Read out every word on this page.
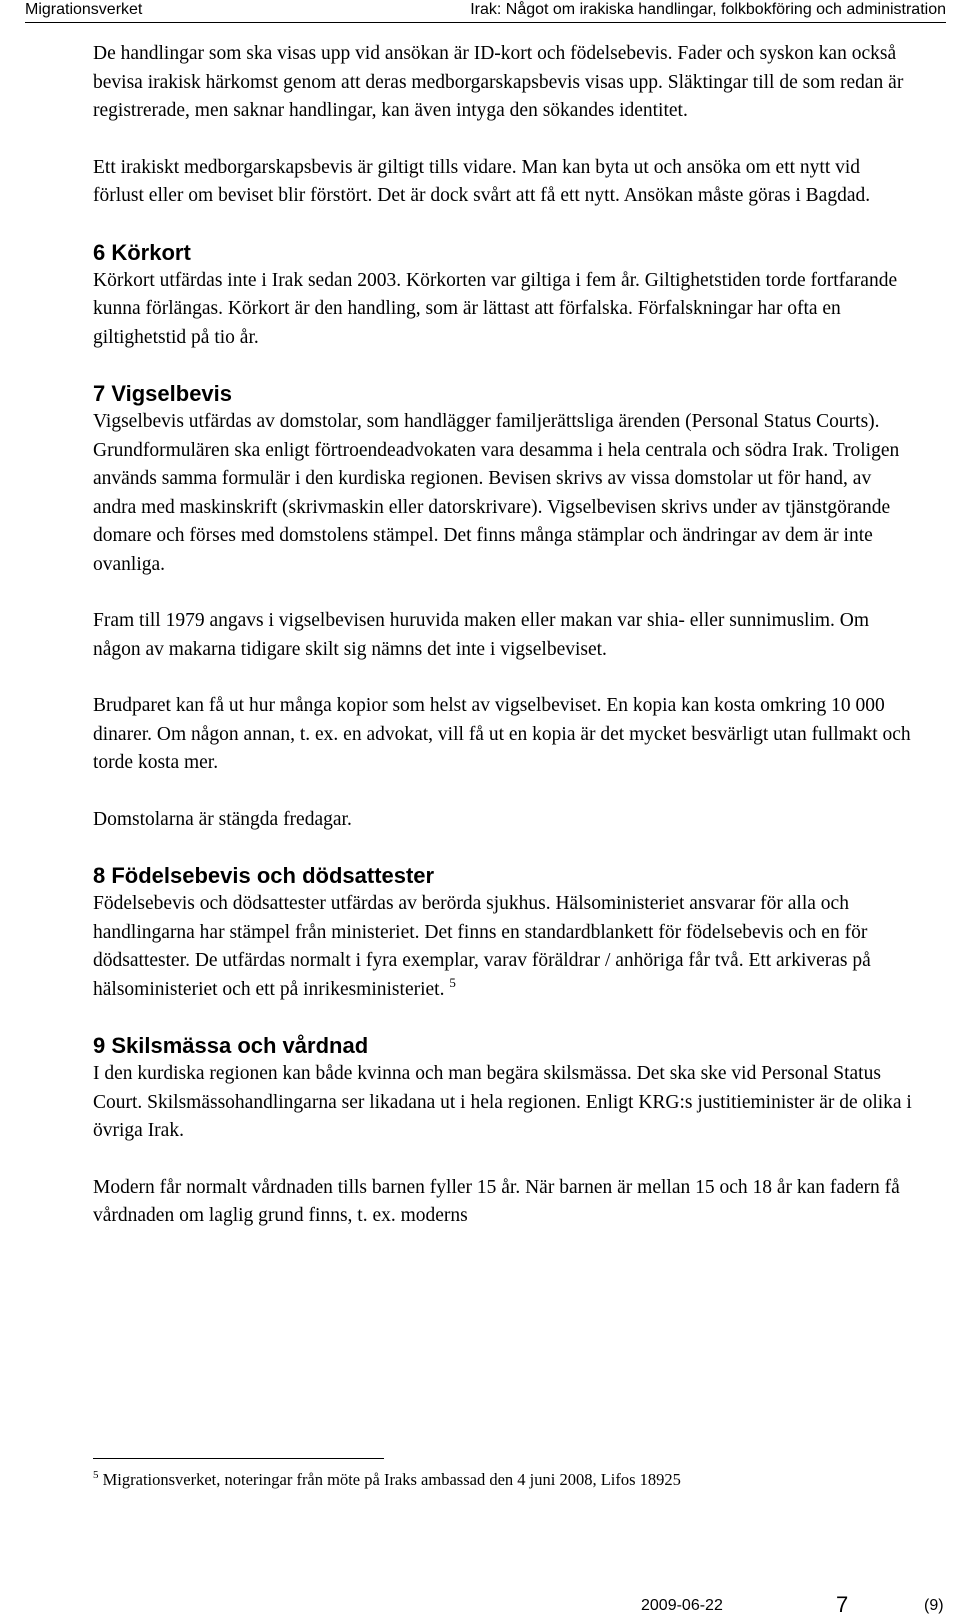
Migrationsverket	Irak: Något om irakiska handlingar, folkbokföring och administration

De handlingar som ska visas upp vid ansökan är ID-kort och födelsebevis. Fader och syskon kan också bevisa irakisk härkomst genom att deras medborgarskapsbevis visas upp. Släktingar till de som redan är registrerade, men saknar handlingar, kan även intyga den sökandes identitet.

Ett irakiskt medborgarskapsbevis är giltigt tills vidare. Man kan byta ut och ansöka om ett nytt vid förlust eller om beviset blir förstört. Det är dock svårt att få ett nytt. Ansökan måste göras i Bagdad.

6 Körkort

Körkort utfärdas inte i Irak sedan 2003. Körkorten var giltiga i fem år. Giltighetstiden torde fortfarande kunna förlängas. Körkort är den handling, som är lättast att förfalska. Förfalskningar har ofta en giltighetstid på tio år.

7 Vigselbevis

Vigselbevis utfärdas av domstolar, som handlägger familjerättsliga ärenden (Personal Status Courts). Grundformulären ska enligt förtroendeadvokaten vara desamma i hela centrala och södra Irak. Troligen används samma formulär i den kurdiska regionen. Bevisen skrivs av vissa domstolar ut för hand, av andra med maskinskrift (skrivmaskin eller datorskrivare). Vigselbevisen skrivs under av tjänstgörande domare och förses med domstolens stämpel. Det finns många stämplar och ändringar av dem är inte ovanliga.

Fram till 1979 angavs i vigselbevisen huruvida maken eller makan var shia- eller sunnimuslim. Om någon av makarna tidigare skilt sig nämns det inte i vigselbeviset.

Brudparet kan få ut hur många kopior som helst av vigselbeviset. En kopia kan kosta omkring 10 000 dinarer. Om någon annan, t. ex. en advokat, vill få ut en kopia är det mycket besvärligt utan fullmakt och torde kosta mer.

Domstolarna är stängda fredagar.

8 Födelsebevis och dödsattester

Födelsebevis och dödsattester utfärdas av berörda sjukhus. Hälsoministeriet ansvarar för alla och handlingarna har stämpel från ministeriet. Det finns en standardblankett för födelsebevis och en för dödsattester. De utfärdas normalt i fyra exemplar, varav föräldrar / anhöriga får två. Ett arkiveras på hälsoministeriet och ett på inrikesministeriet. $^5$

9 Skilsmässa och vårdnad

I den kurdiska regionen kan både kvinna och man begära skilsmässa. Det ska ske vid Personal Status Court. Skilsmässohandlingarna ser likadana ut i hela regionen. Enligt KRG:s justitieminister är de olika i övriga Irak.

Modern får normalt vårdnaden tills barnen fyller 15 år. När barnen är mellan 15 och 18 år kan fadern få vårdnaden om laglig grund finns, t. ex. moderns

$^5$ Migrationsverket, noteringar från möte på Iraks ambassad den 4 juni 2008, Lifos 18925
2009-06-22	7	(9)
